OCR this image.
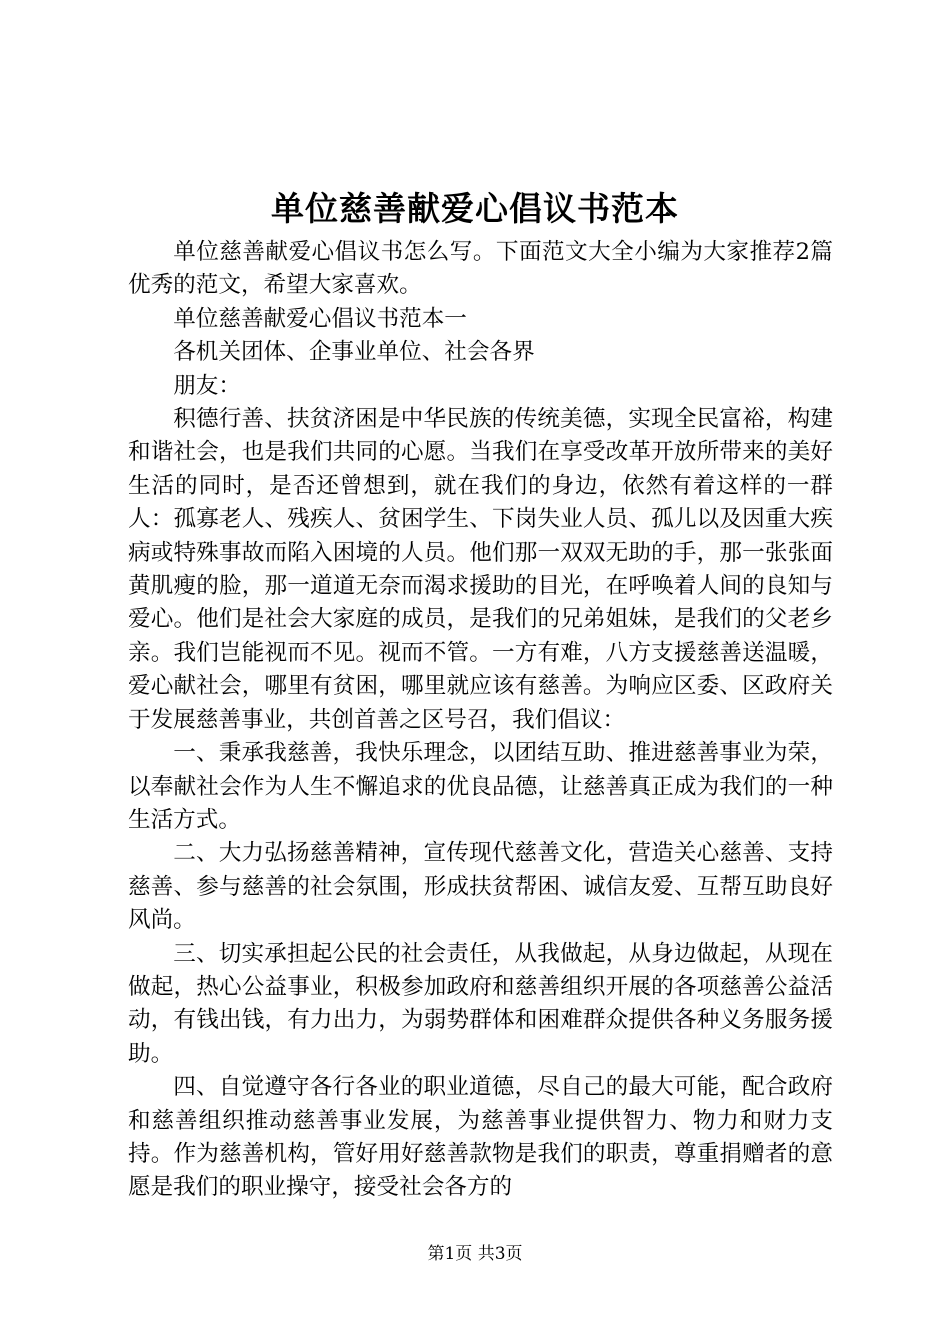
单位慈善献爱心倡议书范本

单位慈善献爱心倡议书怎么写。下面范文大全小编为大家推荐2篇优秀的范文，希望大家喜欢。

单位慈善献爱心倡议书范本一

各机关团体、企事业单位、社会各界

朋友：

积德行善、扶贫济困是中华民族的传统美德，实现全民富裕，构建和谐社会，也是我们共同的心愿。当我们在享受改革开放所带来的美好生活的同时，是否还曾想到，就在我们的身边，依然有着这样的一群人：孤寡老人、残疾人、贫困学生、下岗失业人员、孤儿以及因重大疾病或特殊事故而陷入困境的人员。他们那一双双无助的手，那一张张面黄肌瘦的脸，那一道道无奈而渴求援助的目光，在呼唤着人间的良知与爱心。他们是社会大家庭的成员，是我们的兄弟姐妹，是我们的父老乡亲。我们岂能视而不见。视而不管。一方有难，八方支援慈善送温暖，爱心献社会，哪里有贫困，哪里就应该有慈善。为响应区委、区政府关于发展慈善事业，共创首善之区号召，我们倡议：

一、秉承我慈善，我快乐理念，以团结互助、推进慈善事业为荣，以奉献社会作为人生不懈追求的优良品德，让慈善真正成为我们的一种生活方式。

二、大力弘扬慈善精神，宣传现代慈善文化，营造关心慈善、支持慈善、参与慈善的社会氛围，形成扶贫帮困、诚信友爱、互帮互助良好风尚。

三、切实承担起公民的社会责任，从我做起，从身边做起，从现在做起，热心公益事业，积极参加政府和慈善组织开展的各项慈善公益活动，有钱出钱，有力出力，为弱势群体和困难群众提供各种义务服务援助。

四、自觉遵守各行各业的职业道德，尽自己的最大可能，配合政府和慈善组织推动慈善事业发展，为慈善事业提供智力、物力和财力支持。作为慈善机构，管好用好慈善款物是我们的职责，尊重捐赠者的意愿是我们的职业操守，接受社会各方的

第1页 共3页
